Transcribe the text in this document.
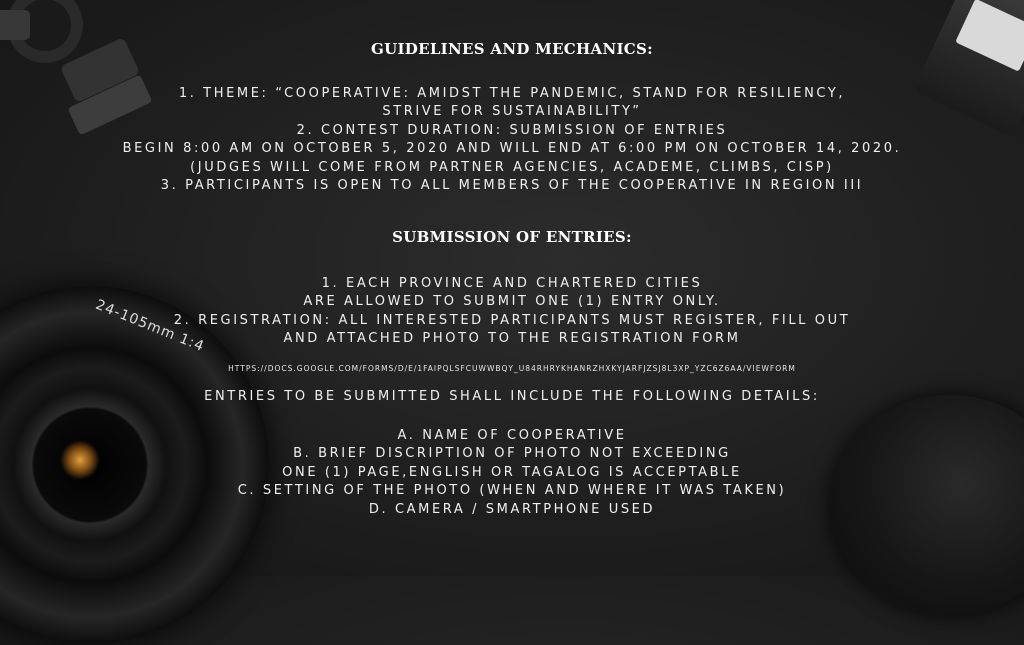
24-105mm 1:4
GUIDELINES AND MECHANICS:
1. THEME: “COOPERATIVE: AMIDST THE PANDEMIC, STAND FOR RESILIENCY,
STRIVE FOR SUSTAINABILITY”
2. CONTEST DURATION: SUBMISSION OF ENTRIES
BEGIN 8:00 AM ON OCTOBER 5, 2020 AND WILL END AT 6:00 PM ON OCTOBER 14, 2020.
(JUDGES WILL COME FROM PARTNER AGENCIES, ACADEME, CLIMBS, CISP)
3. PARTICIPANTS IS OPEN TO ALL MEMBERS OF THE COOPERATIVE IN REGION III
SUBMISSION OF ENTRIES:
1. EACH PROVINCE AND CHARTERED CITIES
ARE ALLOWED TO SUBMIT ONE (1) ENTRY ONLY.
2. REGISTRATION: ALL INTERESTED PARTICIPANTS MUST REGISTER, FILL OUT
AND ATTACHED PHOTO TO THE REGISTRATION FORM
HTTPS://DOCS.GOOGLE.COM/FORMS/D/E/1FAIPQLSFCUWWBQY_U84RHRYKHANRZHXKYJARFJZSJ8L3XP_YZC6Z6AA/VIEWFORM
ENTRIES TO BE SUBMITTED SHALL INCLUDE THE FOLLOWING DETAILS:
A. NAME OF COOPERATIVE
B. BRIEF DISCRIPTION OF PHOTO NOT EXCEEDING
ONE (1) PAGE,ENGLISH OR TAGALOG IS ACCEPTABLE
C. SETTING OF THE PHOTO (WHEN AND WHERE IT WAS TAKEN)
D. CAMERA / SMARTPHONE USED
